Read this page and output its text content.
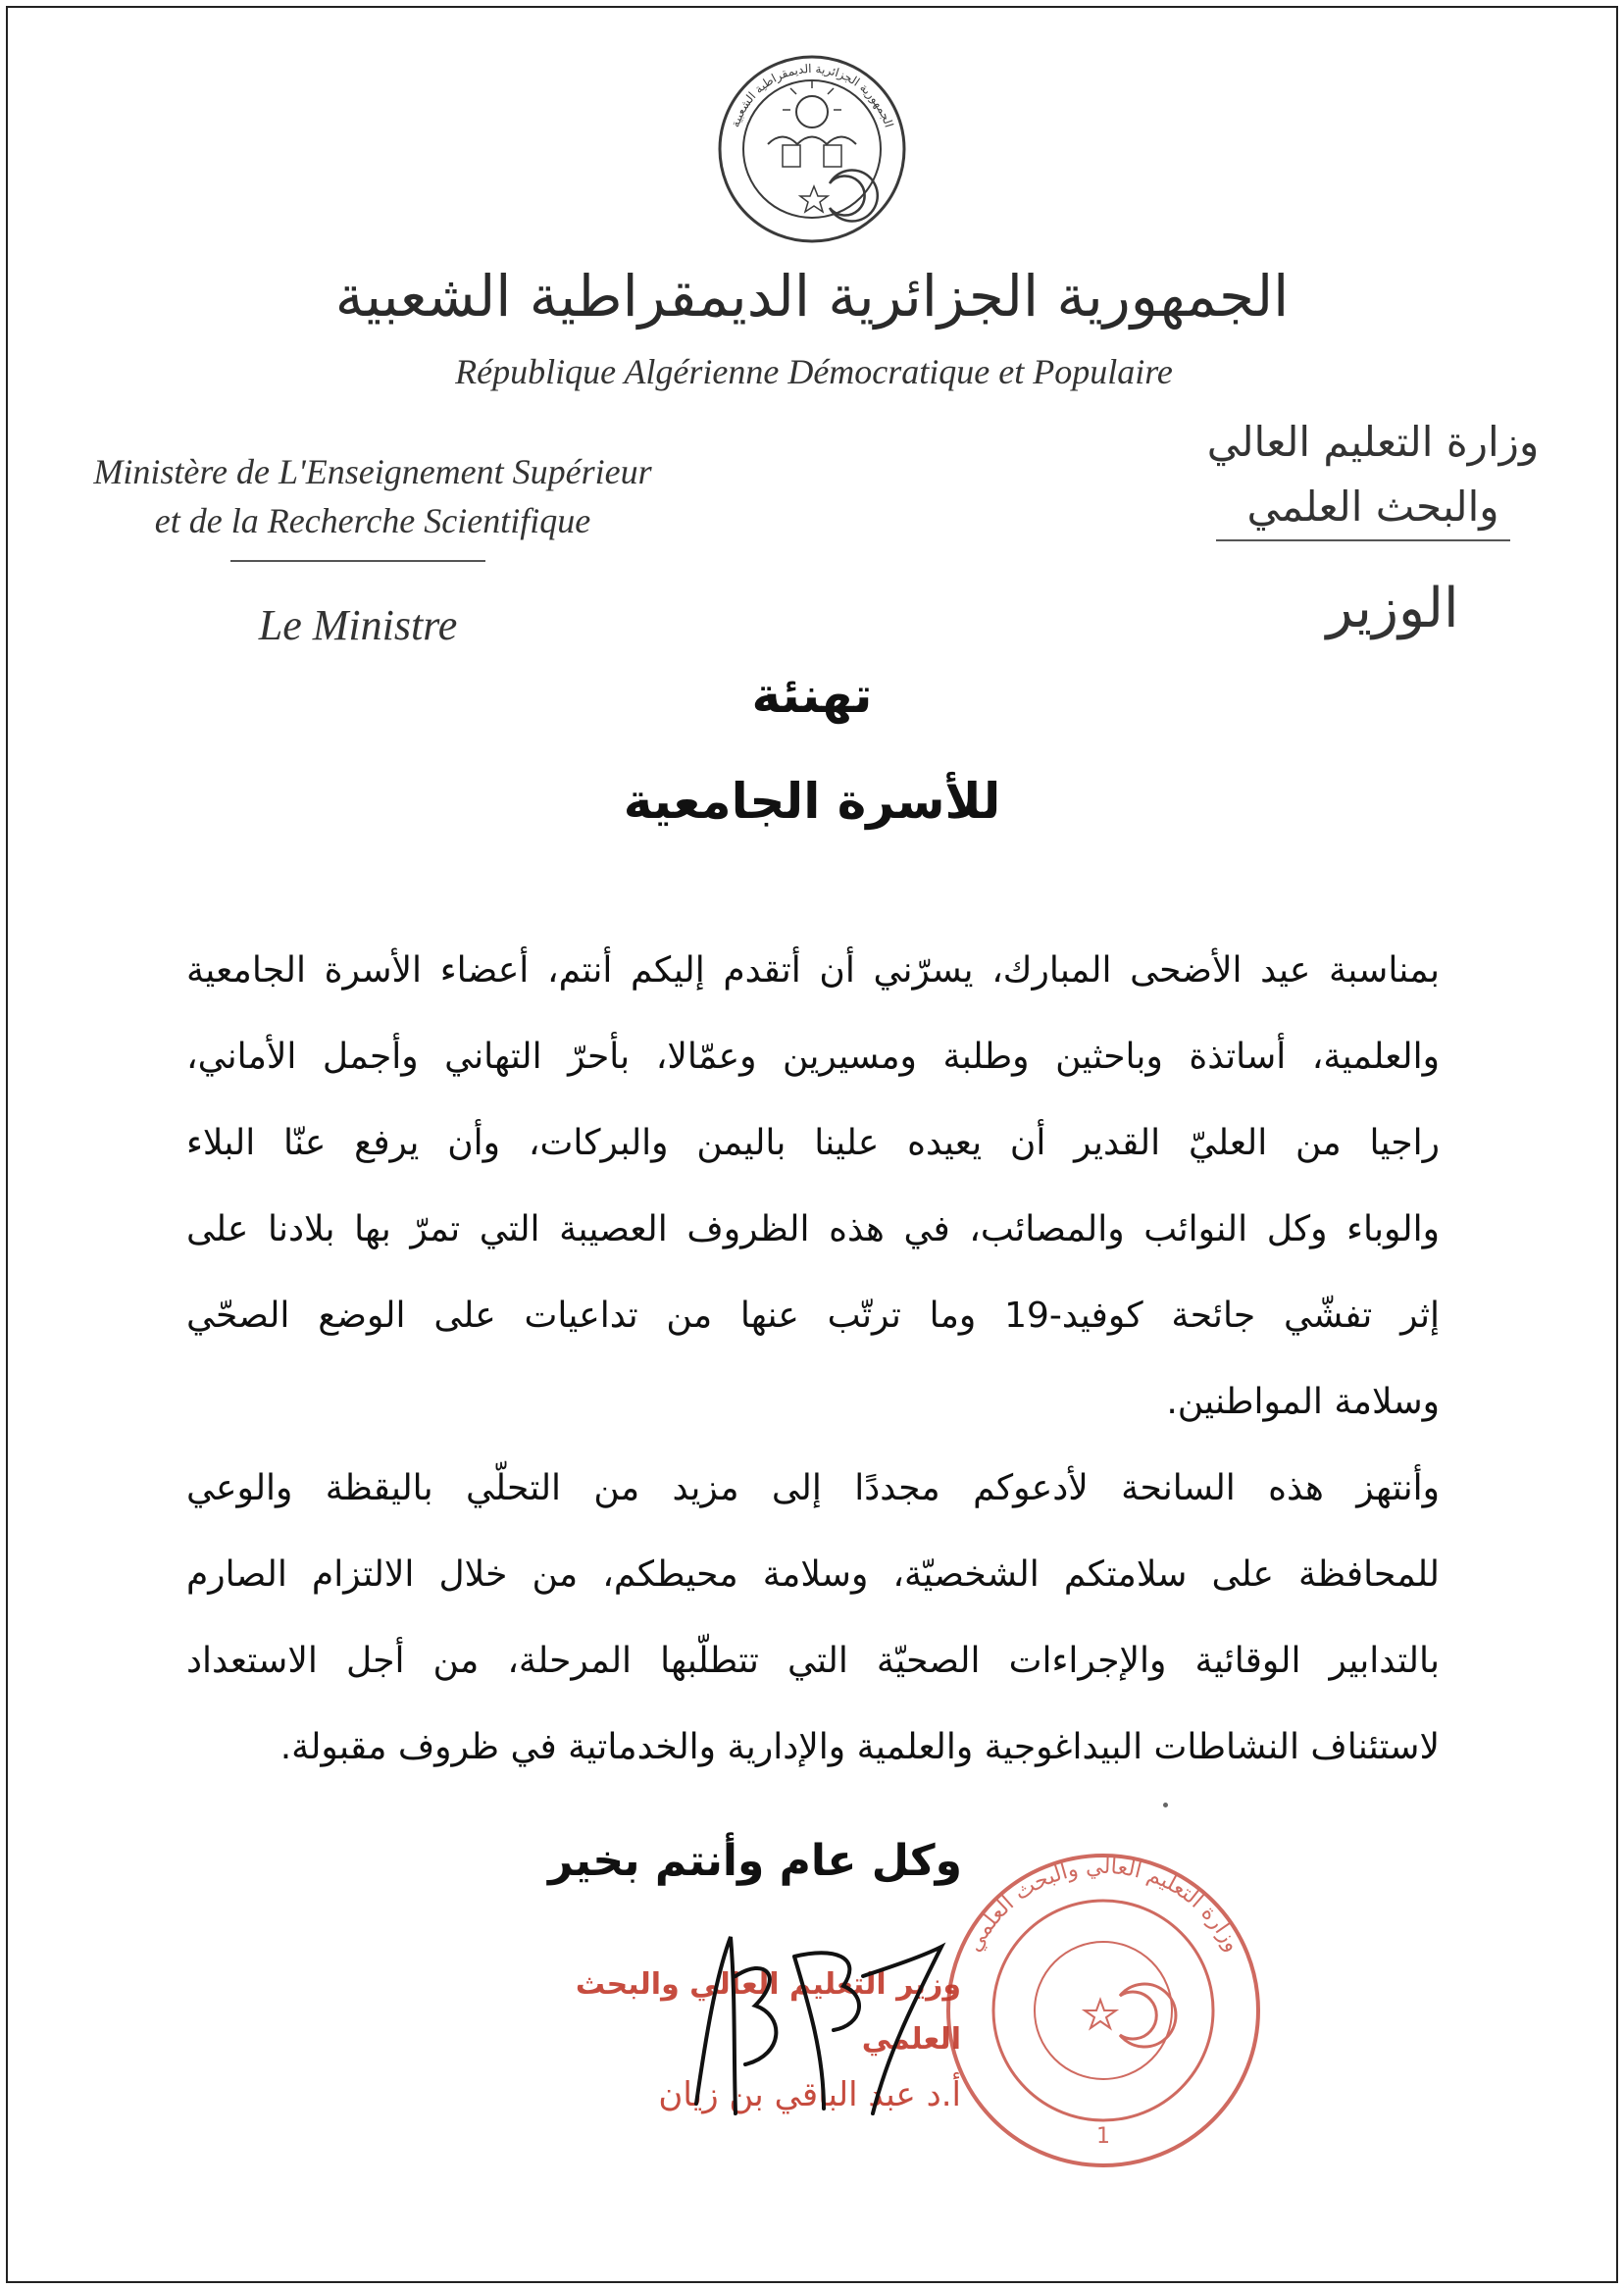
الجمهورية الجزائرية الديمقراطية الشعبية
الجمهورية الجزائرية الديمقراطية الشعبية
République Algérienne Démocratique et Populaire
Ministère de L'Enseignement Supérieur
et de la Recherche Scientifique
Le Ministre
وزارة التعليم العالي
والبحث العلمي
الوزير
تهنئة
للأسرة الجامعية
بمناسبة عيد الأضحى المبارك، يسرّني أن أتقدم إليكم أنتم، أعضاء الأسرة الجامعية
والعلمية، أساتذة وباحثين وطلبة ومسيرين وعمّالا، بأحرّ التهاني وأجمل الأماني،
راجيا من العليّ القدير أن يعيده علينا باليمن والبركات، وأن يرفع عنّا البلاء
والوباء وكل النوائب والمصائب، في هذه الظروف العصيبة التي تمرّ بها بلادنا على
إثر تفشّي جائحة كوفيد-19 وما ترتّب عنها من تداعيات على الوضع الصحّي
وسلامة المواطنين.
وأنتهز هذه السانحة لأدعوكم مجددًا إلى مزيد من التحلّي باليقظة والوعي
للمحافظة على سلامتكم الشخصيّة، وسلامة محيطكم، من خلال الالتزام الصارم
بالتدابير الوقائية والإجراءات الصحيّة التي تتطلّبها المرحلة، من أجل الاستعداد
لاستئناف النشاطات البيداغوجية والعلمية والإدارية والخدماتية في ظروف مقبولة.
وكل عام وأنتم بخير
وزارة التعليم العالي والبحث العلمي
1
وزير التعليم العالي والبحث العلمي
أ.د عبد الباقي بن زيان
